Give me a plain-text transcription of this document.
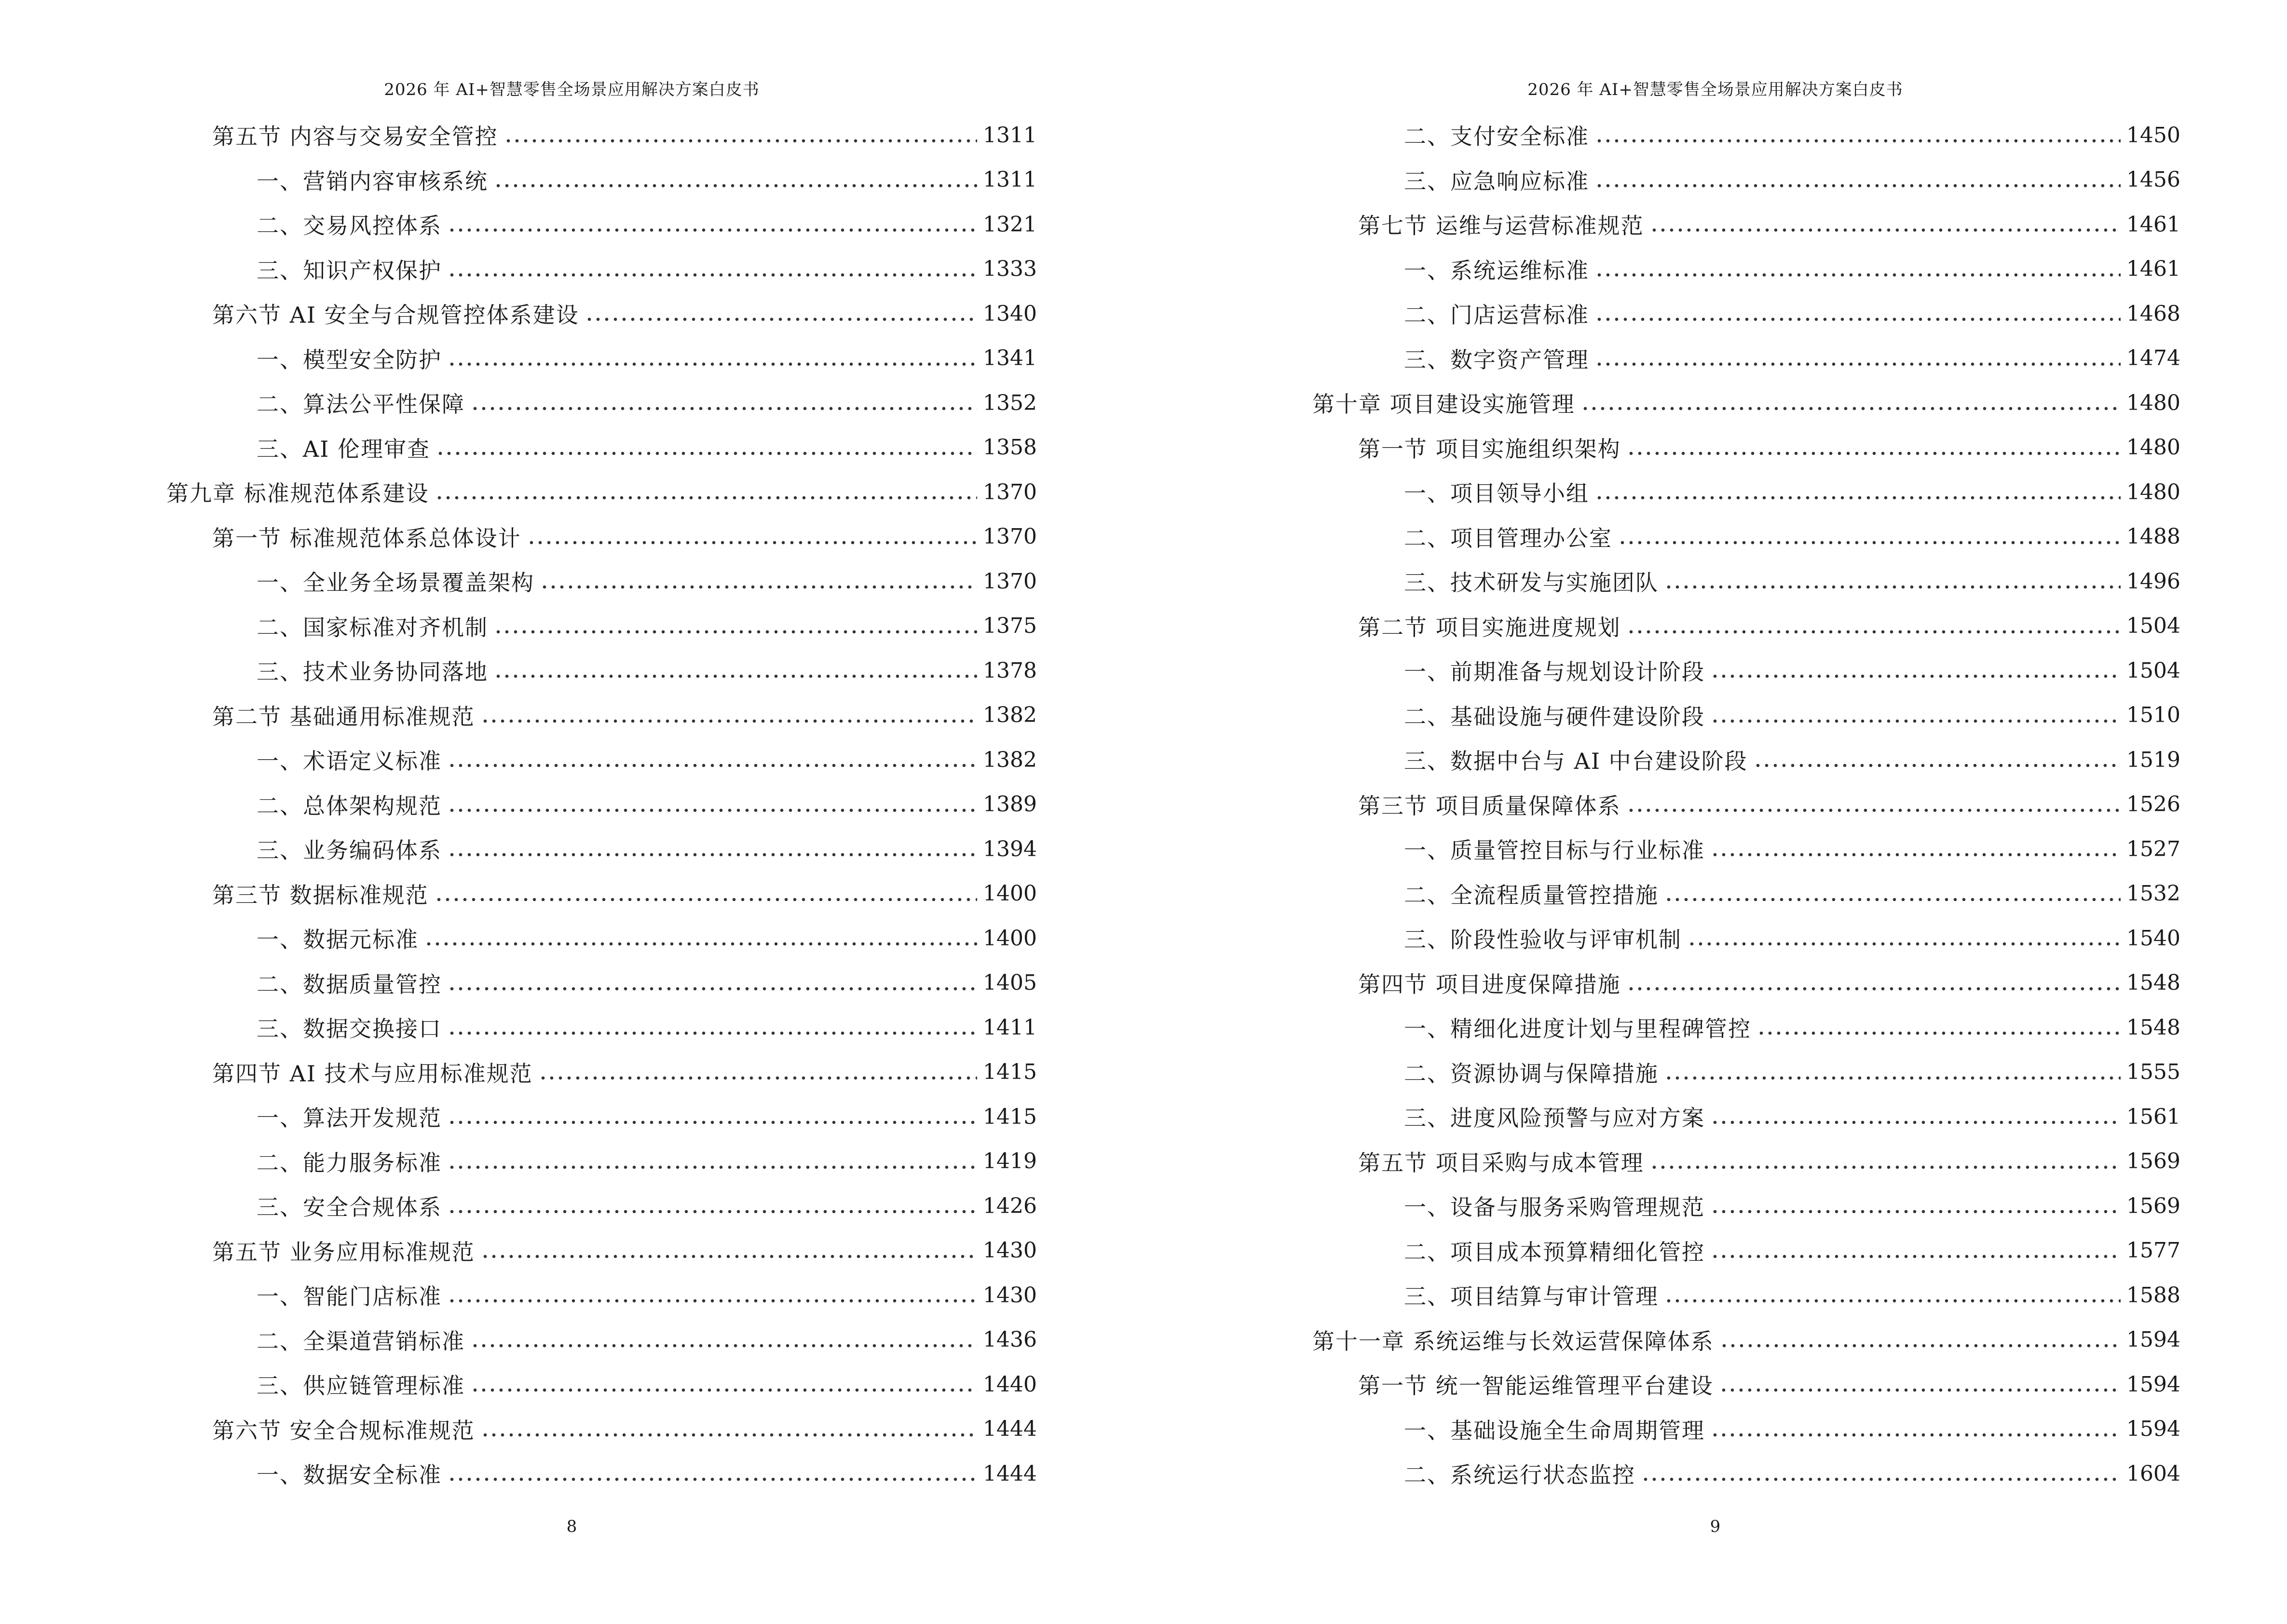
2026 年 AI+智慧零售全场景应用解决方案白皮书
第五节 内容与交易安全管控	1311
一、营销内容审核系统	1311
二、交易风控体系	1321
三、知识产权保护	1333
第六节 AI 安全与合规管控体系建设	1340
一、模型安全防护	1341
二、算法公平性保障	1352
三、AI 伦理审查	1358
第九章 标准规范体系建设	1370
第一节 标准规范体系总体设计	1370
一、全业务全场景覆盖架构	1370
二、国家标准对齐机制	1375
三、技术业务协同落地	1378
第二节 基础通用标准规范	1382
一、术语定义标准	1382
二、总体架构规范	1389
三、业务编码体系	1394
第三节 数据标准规范	1400
一、数据元标准	1400
二、数据质量管控	1405
三、数据交换接口	1411
第四节 AI 技术与应用标准规范	1415
一、算法开发规范	1415
二、能力服务标准	1419
三、安全合规体系	1426
第五节 业务应用标准规范	1430
一、智能门店标准	1430
二、全渠道营销标准	1436
三、供应链管理标准	1440
第六节 安全合规标准规范	1444
一、数据安全标准	1444
8
2026 年 AI+智慧零售全场景应用解决方案白皮书
二、支付安全标准	1450
三、应急响应标准	1456
第七节 运维与运营标准规范	1461
一、系统运维标准	1461
二、门店运营标准	1468
三、数字资产管理	1474
第十章 项目建设实施管理	1480
第一节 项目实施组织架构	1480
一、项目领导小组	1480
二、项目管理办公室	1488
三、技术研发与实施团队	1496
第二节 项目实施进度规划	1504
一、前期准备与规划设计阶段	1504
二、基础设施与硬件建设阶段	1510
三、数据中台与 AI 中台建设阶段	1519
第三节 项目质量保障体系	1526
一、质量管控目标与行业标准	1527
二、全流程质量管控措施	1532
三、阶段性验收与评审机制	1540
第四节 项目进度保障措施	1548
一、精细化进度计划与里程碑管控	1548
二、资源协调与保障措施	1555
三、进度风险预警与应对方案	1561
第五节 项目采购与成本管理	1569
一、设备与服务采购管理规范	1569
二、项目成本预算精细化管控	1577
三、项目结算与审计管理	1588
第十一章 系统运维与长效运营保障体系	1594
第一节 统一智能运维管理平台建设	1594
一、基础设施全生命周期管理	1594
二、系统运行状态监控	1604
9
